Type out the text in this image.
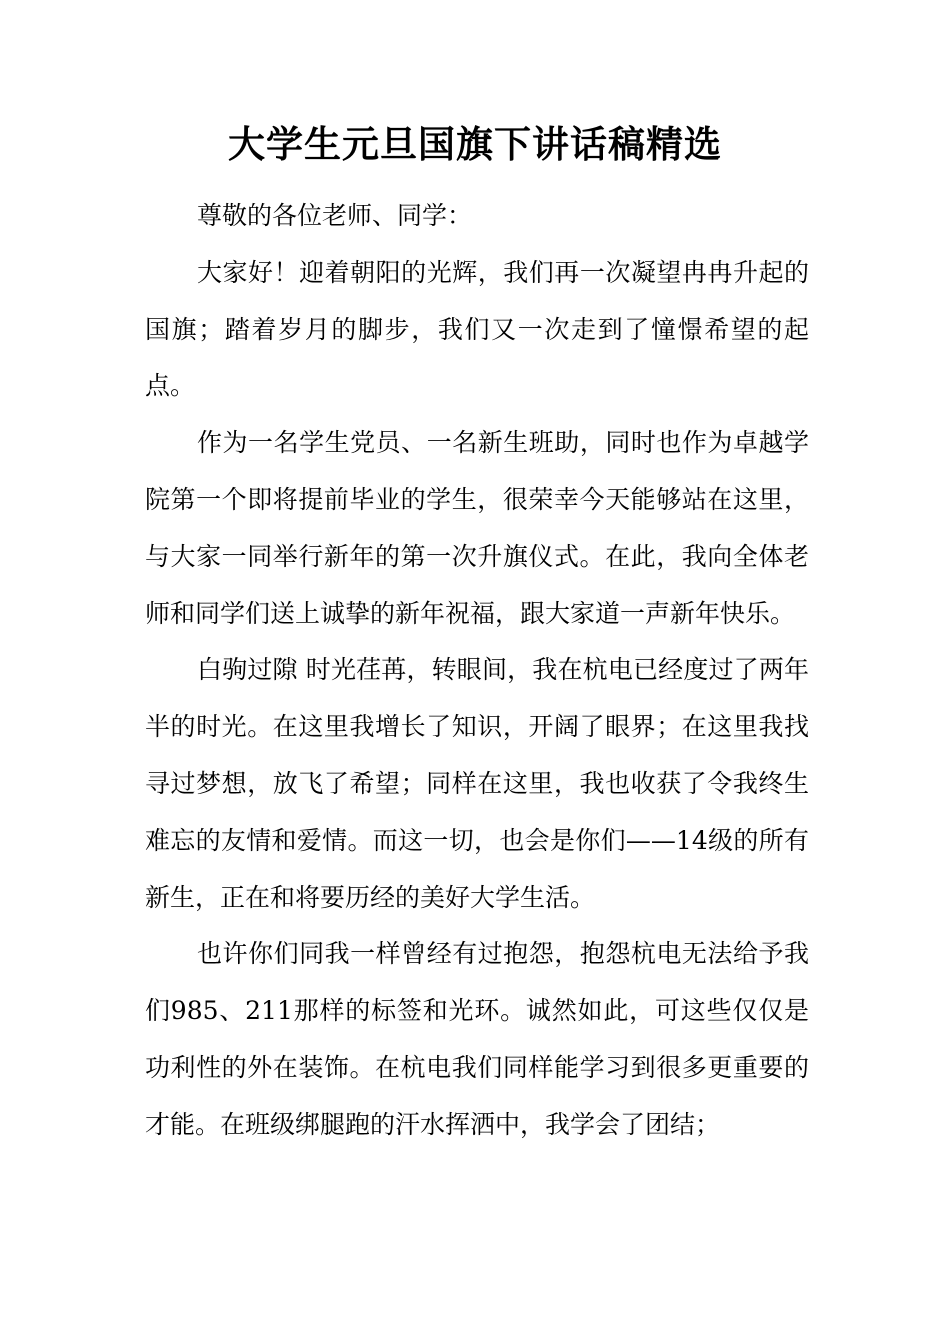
大学生元旦国旗下讲话稿精选

尊敬的各位老师、同学：

大家好！迎着朝阳的光辉，我们再一次凝望冉冉升起的国旗；踏着岁月的脚步，我们又一次走到了憧憬希望的起点。

作为一名学生党员、一名新生班助，同时也作为卓越学院第一个即将提前毕业的学生，很荣幸今天能够站在这里，与大家一同举行新年的第一次升旗仪式。在此，我向全体老师和同学们送上诚挚的新年祝福，跟大家道一声新年快乐。

白驹过隙 时光荏苒，转眼间，我在杭电已经度过了两年半的时光。在这里我增长了知识，开阔了眼界；在这里我找寻过梦想，放飞了希望；同样在这里，我也收获了令我终生难忘的友情和爱情。而这一切，也会是你们——14级的所有新生，正在和将要历经的美好大学生活。

也许你们同我一样曾经有过抱怨，抱怨杭电无法给予我们985、211那样的标签和光环。诚然如此，可这些仅仅是功利性的外在装饰。在杭电我们同样能学习到很多更重要的才能。在班级绑腿跑的汗水挥洒中，我学会了团结；
